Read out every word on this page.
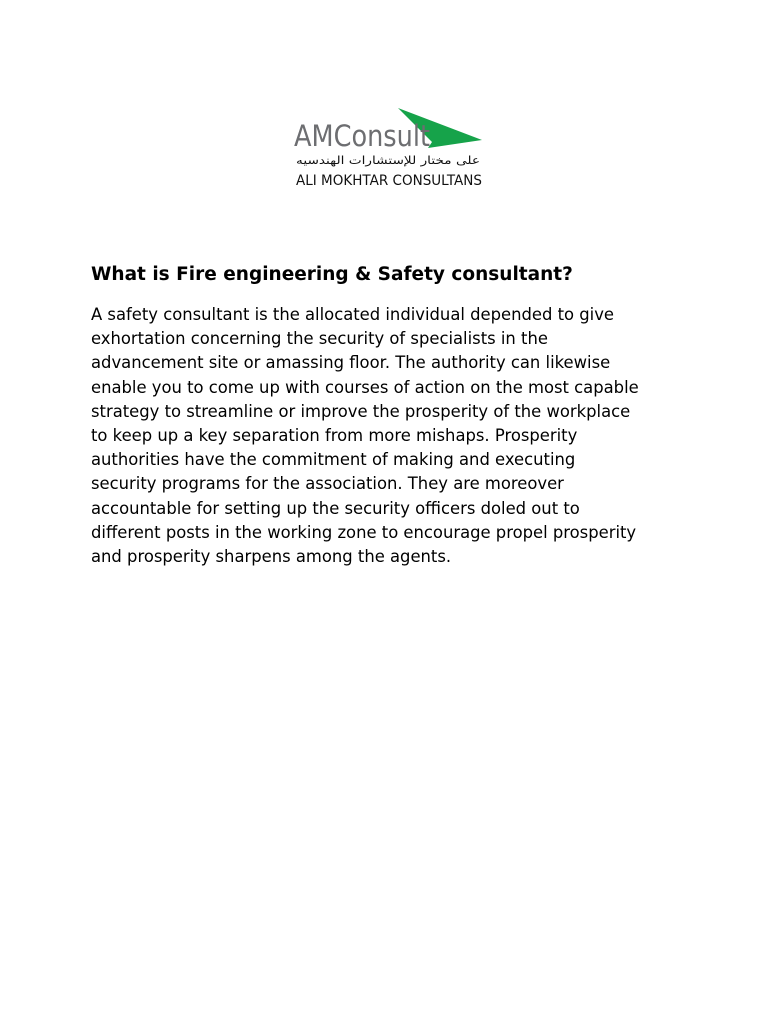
AMConsult
على مختار للإستشارات الهندسيه
ALI MOKHTAR CONSULTANS
What is Fire engineering & Safety consultant?

A safety consultant is the allocated individual depended to give
exhortation concerning the security of specialists in the
advancement site or amassing floor. The authority can likewise
enable you to come up with courses of action on the most capable
strategy to streamline or improve the prosperity of the workplace
to keep up a key separation from more mishaps. Prosperity
authorities have the commitment of making and executing
security programs for the association. They are moreover
accountable for setting up the security officers doled out to
different posts in the working zone to encourage propel prosperity
and prosperity sharpens among the agents.
